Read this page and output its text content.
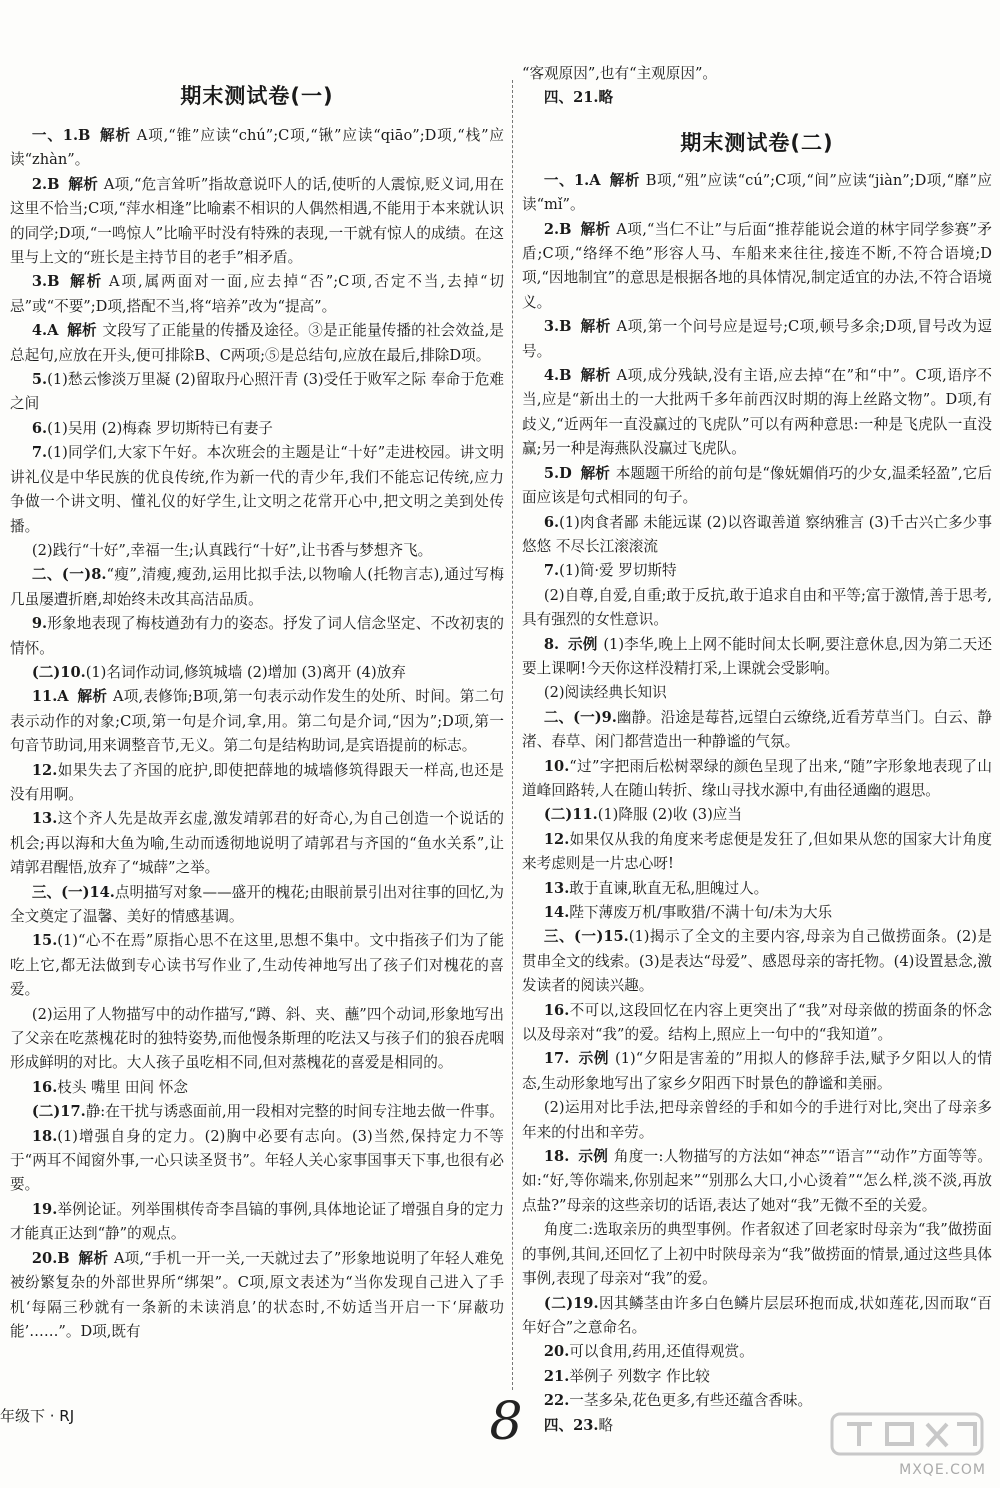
期末测试卷(一)

一、1.B 解析 A项,“锥”应读“chú”;C项,“锹”应读“qiāo”;D项,“栈”应读“zhàn”。

2.B 解析 A项,“危言耸听”指故意说吓人的话,使听的人震惊,贬义词,用在这里不恰当;C项,“萍水相逢”比喻素不相识的人偶然相遇,不能用于本来就认识的同学;D项,“一鸣惊人”比喻平时没有特殊的表现,一干就有惊人的成绩。在这里与上文的“班长是主持节目的老手”相矛盾。

3.B 解析 A项,属两面对一面,应去掉“否”;C项,否定不当,去掉“切忌”或“不要”;D项,搭配不当,将“培养”改为“提高”。

4.A 解析 文段写了正能量的传播及途径。③是正能量传播的社会效益,是总起句,应放在开头,便可排除B、C两项;⑤是总结句,应放在最后,排除D项。

5.(1)愁云惨淡万里凝 (2)留取丹心照汗青 (3)受任于败军之际 奉命于危难之间

6.(1)吴用 (2)梅森 罗切斯特已有妻子

7.(1)同学们,大家下午好。本次班会的主题是让“十好”走进校园。讲文明讲礼仪是中华民族的优良传统,作为新一代的青少年,我们不能忘记传统,应力争做一个讲文明、懂礼仪的好学生,让文明之花常开心中,把文明之美到处传播。

(2)践行“十好”,幸福一生;认真践行“十好”,让书香与梦想齐飞。

二、(一)8.“瘦”,清瘦,瘦劲,运用比拟手法,以物喻人(托物言志),通过写梅几虽屡遭折磨,却始终未改其高洁品质。

9.形象地表现了梅枝遒劲有力的姿态。抒发了词人信念坚定、不改初衷的情怀。

(二)10.(1)名词作动词,修筑城墙 (2)增加 (3)离开 (4)放弃

11.A 解析 A项,表修饰;B项,第一句表示动作发生的处所、时间。第二句表示动作的对象;C项,第一句是介词,拿,用。第二句是介词,“因为”;D项,第一句音节助词,用来调整音节,无义。第二句是结构助词,是宾语提前的标志。

12.如果失去了齐国的庇护,即使把薛地的城墙修筑得跟天一样高,也还是没有用啊。

13.这个齐人先是故弄玄虚,激发靖郭君的好奇心,为自己创造一个说话的机会;再以海和大鱼为喻,生动而透彻地说明了靖郭君与齐国的“鱼水关系”,让靖郭君醒悟,放弃了“城薛”之举。

三、(一)14.点明描写对象——盛开的槐花;由眼前景引出对往事的回忆,为全文奠定了温馨、美好的情感基调。

15.(1)“心不在焉”原指心思不在这里,思想不集中。文中指孩子们为了能吃上它,都无法做到专心读书写作业了,生动传神地写出了孩子们对槐花的喜爱。

(2)运用了人物描写中的动作描写,“蹲、斜、夹、蘸”四个动词,形象地写出了父亲在吃蒸槐花时的独特姿势,而他慢条斯理的吃法又与孩子们的狼吞虎咽形成鲜明的对比。大人孩子虽吃相不同,但对蒸槐花的喜爱是相同的。

16.枝头 嘴里 田间 怀念

(二)17.静:在干扰与诱惑面前,用一段相对完整的时间专注地去做一件事。

18.(1)增强自身的定力。(2)胸中必要有志向。(3)当然,保持定力不等于“两耳不闻窗外事,一心只读圣贤书”。年轻人关心家事国事天下事,也很有必要。

19.举例论证。列举围棋传奇李昌镐的事例,具体地论证了增强自身的定力才能真正达到“静”的观点。

20.B 解析 A项,“手机一开一关,一天就过去了”形象地说明了年轻人难免被纷繁复杂的外部世界所“绑架”。C项,原文表述为“当你发现自己进入了手机‘每隔三秒就有一条新的未读消息’的状态时,不妨适当开启一下‘屏蔽功能’……”。D项,既有

“客观原因”,也有“主观原因”。

四、21.略

期末测试卷(二)

一、1.A 解析 B项,“殂”应读“cú”;C项,“间”应读“jiàn”;D项,“靡”应读“mǐ”。

2.B 解析 A项,“当仁不让”与后面“推荐能说会道的林宇同学参赛”矛盾;C项,“络绎不绝”形容人马、车船来来往往,接连不断,不符合语境;D项,“因地制宜”的意思是根据各地的具体情况,制定适宜的办法,不符合语境义。

3.B 解析 A项,第一个问号应是逗号;C项,顿号多余;D项,冒号改为逗号。

4.B 解析 A项,成分残缺,没有主语,应去掉“在”和“中”。C项,语序不当,应是“新出土的一大批两千多年前西汉时期的海上丝路文物”。D项,有歧义,“近两年一直没赢过的飞虎队”可以有两种意思:一种是飞虎队一直没赢;另一种是海燕队没赢过飞虎队。

5.D 解析 本题题干所给的前句是“像妩媚俏巧的少女,温柔轻盈”,它后面应该是句式相同的句子。

6.(1)肉食者鄙 未能远谋 (2)以咨诹善道 察纳雅言 (3)千古兴亡多少事 悠悠 不尽长江滚滚流

7.(1)简·爱 罗切斯特

(2)自尊,自爱,自重;敢于反抗,敢于追求自由和平等;富于激情,善于思考,具有强烈的女性意识。

8. 示例 (1)李华,晚上上网不能时间太长啊,要注意休息,因为第二天还要上课啊!今天你这样没精打采,上课就会受影响。

(2)阅读经典长知识

二、(一)9.幽静。沿途是莓苔,远望白云缭绕,近看芳草当门。白云、静渚、春草、闲门都营造出一种静谧的气氛。

10.“过”字把雨后松树翠绿的颜色呈现了出来,“随”字形象地表现了山道峰回路转,人在随山转折、缘山寻找水源中,有曲径通幽的遐思。

(二)11.(1)降服 (2)收 (3)应当

12.如果仅从我的角度来考虑便是发狂了,但如果从您的国家大计角度来考虑则是一片忠心呀!

13.敢于直谏,耿直无私,胆魄过人。

14.陛下薄废万机/事畋猎/不满十旬/未为大乐

三、(一)15.(1)揭示了全文的主要内容,母亲为自己做捞面条。(2)是贯串全文的线索。(3)是表达“母爱”、感恩母亲的寄托物。(4)设置悬念,激发读者的阅读兴趣。

16.不可以,这段回忆在内容上更突出了“我”对母亲做的捞面条的怀念以及母亲对“我”的爱。结构上,照应上一句中的“我知道”。

17. 示例 (1)“夕阳是害羞的”用拟人的修辞手法,赋予夕阳以人的情态,生动形象地写出了家乡夕阳西下时景色的静谧和美丽。

(2)运用对比手法,把母亲曾经的手和如今的手进行对比,突出了母亲多年来的付出和辛劳。

18. 示例 角度一:人物描写的方法如“神态”“语言”“动作”方面等等。如:“好,等你端来,你别起来”“别那么大口,小心烫着”“怎么样,淡不淡,再放点盐?”母亲的这些亲切的话语,表达了她对“我”无微不至的关爱。

角度二:选取亲历的典型事例。作者叙述了回老家时母亲为“我”做捞面的事例,其间,还回忆了上初中时陕母亲为“我”做捞面的情景,通过这些具体事例,表现了母亲对“我”的爱。

(二)19.因其鳞茎由许多白色鳞片层层环抱而成,状如莲花,因而取“百年好合”之意命名。

20.可以食用,药用,还值得观赏。

21.举例子 列数字 作比较

22.一茎多朵,花色更多,有些还蕴含香味。

四、23.略

年级下 · RJ	8
MXQE.COM
